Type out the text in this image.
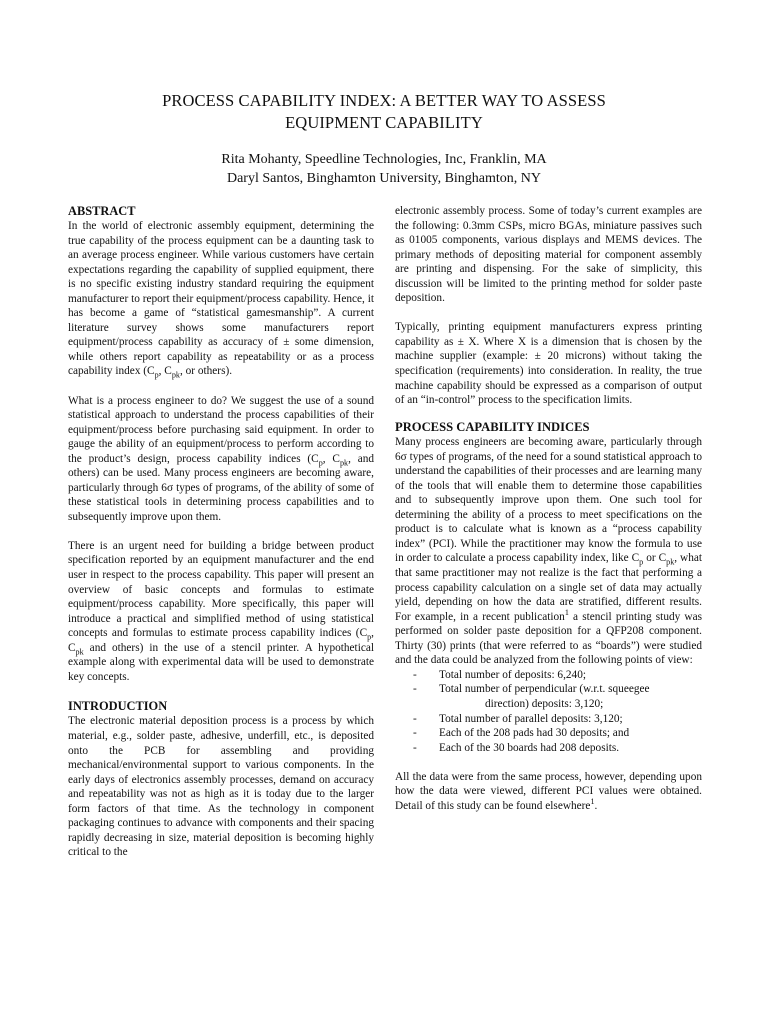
PROCESS CAPABILITY INDEX: A BETTER WAY TO ASSESS
EQUIPMENT CAPABILITY
Rita Mohanty, Speedline Technologies, Inc, Franklin, MA
Daryl Santos, Binghamton University, Binghamton, NY
ABSTRACT

In the world of electronic assembly equipment, determining the true capability of the process equipment can be a daunting task to an average process engineer. While various customers have certain expectations regarding the capability of supplied equipment, there is no specific existing industry standard requiring the equipment manufacturer to report their equipment/process capability. Hence, it has become a game of “statistical gamesmanship”. A current literature survey shows some manufacturers report equipment/process capability as accuracy of ± some dimension, while others report capability as repeatability or as a process capability index ($C_p$, $C_{pk}$, or others).

What is a process engineer to do? We suggest the use of a sound statistical approach to understand the process capabilities of their equipment/process before purchasing said equipment. In order to gauge the ability of an equipment/process to perform according to the product’s design, process capability indices ($C_p$, $C_{pk}$, and others) can be used. Many process engineers are becoming aware, particularly through 6σ types of programs, of the ability of some of these statistical tools in determining process capabilities and to subsequently improve upon them.

There is an urgent need for building a bridge between product specification reported by an equipment manufacturer and the end user in respect to the process capability. This paper will present an overview of basic concepts and formulas to estimate equipment/process capability. More specifically, this paper will introduce a practical and simplified method of using statistical concepts and formulas to estimate process capability indices ($C_p$, $C_{pk}$ and others) in the use of a stencil printer. A hypothetical example along with experimental data will be used to demonstrate key concepts.

INTRODUCTION

The electronic material deposition process is a process by which material, e.g., solder paste, adhesive, underfill, etc., is deposited onto the PCB for assembling and providing mechanical/environmental support to various components. In the early days of electronics assembly processes, demand on accuracy and repeatability was not as high as it is today due to the larger form factors of that time. As the technology in component packaging continues to advance with components and their spacing rapidly decreasing in size, material deposition is becoming highly critical to the

electronic assembly process. Some of today’s current examples are the following: 0.3mm CSPs, micro BGAs, miniature passives such as 01005 components, various displays and MEMS devices. The primary methods of depositing material for component assembly are printing and dispensing. For the sake of simplicity, this discussion will be limited to the printing method for solder paste deposition.

Typically, printing equipment manufacturers express printing capability as ± X. Where X is a dimension that is chosen by the machine supplier (example: ± 20 microns) without taking the specification (requirements) into consideration. In reality, the true machine capability should be expressed as a comparison of output of an “in-control” process to the specification limits.

PROCESS CAPABILITY INDICES

Many process engineers are becoming aware, particularly through 6σ types of programs, of the need for a sound statistical approach to understand the capabilities of their processes and are learning many of the tools that will enable them to determine those capabilities and to subsequently improve upon them. One such tool for determining the ability of a process to meet specifications on the product is to calculate what is known as a “process capability index” (PCI). While the practitioner may know the formula to use in order to calculate a process capability index, like $C_p$ or $C_{pk}$, what that same practitioner may not realize is the fact that performing a process capability calculation on a single set of data may actually yield, depending on how the data are stratified, different results. For example, in a recent publication$^1$ a stencil printing study was performed on solder paste deposition for a QFP208 component. Thirty (30) prints (that were referred to as “boards”) were studied and the data could be analyzed from the following points of view:

- Total number of deposits: 6,240;
- Total number of perpendicular (w.r.t. squeegee
direction) deposits: 3,120;
- Total number of parallel deposits: 3,120;
- Each of the 208 pads had 30 deposits; and
- Each of the 30 boards had 208 deposits.

All the data were from the same process, however, depending upon how the data were viewed, different PCI values were obtained. Detail of this study can be found elsewhere$^1$.
